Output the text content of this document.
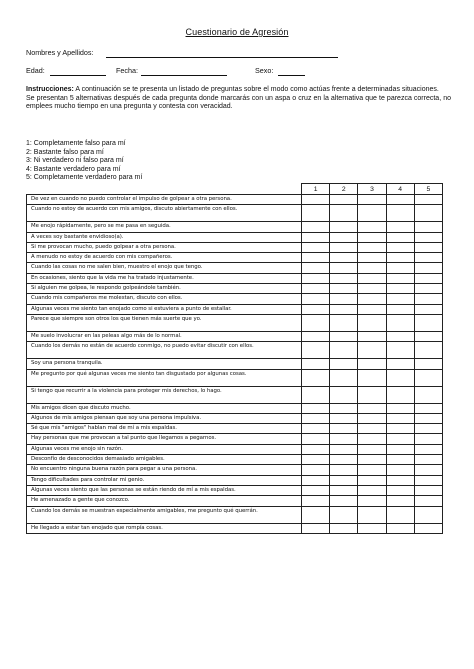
Cuestionario de Agresión
Nombres y Apellidos:
Edad:	Fecha:	Sexo:
Instrucciones: A continuación se te presenta un listado de preguntas sobre el modo como actúas frente a determinadas situaciones.
Se presentan 5 alternativas después de cada pregunta donde marcarás con un aspa o cruz en la alternativa que te parezca correcta, no emplees mucho tiempo en una pregunta y contesta con veracidad.
1: Completamente falso para mí
2: Bastante falso para mí
3: Ni verdadero ni falso para mí
4: Bastante verdadero para mí
5: Completamente verdadero para mí
	1	2	3	4	5
De vez en cuando no puedo controlar el impulso de golpear a otra persona.					
Cuando no estoy de acuerdo con mis amigos, discuto abiertamente con ellos.					
Me enojo rápidamente, pero se me pasa en seguida.					
A veces soy bastante envidioso(a).					
Si me provocan mucho, puedo golpear a otra persona.					
A menudo no estoy de acuerdo con mis compañeros.					
Cuando las cosas no me salen bien, muestro el enojo que tengo.					
En ocasiones, siento que la vida me ha tratado injustamente.					
Si alguien me golpea, le respondo golpeándole también.					
Cuando mis compañeros me molestan, discuto con ellos.					
Algunas veces me siento tan enojado como si estuviera a punto de estallar.					
Parece que siempre son otros los que tienen más suerte que yo.					
Me suelo involucrar en las peleas algo más de lo normal.					
Cuando los demás no están de acuerdo conmigo, no puedo evitar discutir con ellos.					
Soy una persona tranquila.					
Me pregunto por qué algunas veces me siento tan disgustado por algunas cosas.					
Si tengo que recurrir a la violencia para proteger mis derechos, lo hago.					
Mis amigos dicen que discuto mucho.					
Algunos de mis amigos piensan que soy una persona impulsiva.					
Sé que mis "amigos" hablan mal de mí a mis espaldas.					
Hay personas que me provocan a tal punto que llegamos a pegarnos.					
Algunas veces me enojo sin razón.					
Desconfío de desconocidos demasiado amigables.					
No encuentro ninguna buena razón para pegar a una persona.					
Tengo dificultades para controlar mi genio.					
Algunas veces siento que las personas se están riendo de mí a mis espaldas.					
He amenazado a gente que conozco.					
Cuando los demás se muestran especialmente amigables, me pregunto qué querrán.					
He llegado a estar tan enojado que rompía cosas.					
